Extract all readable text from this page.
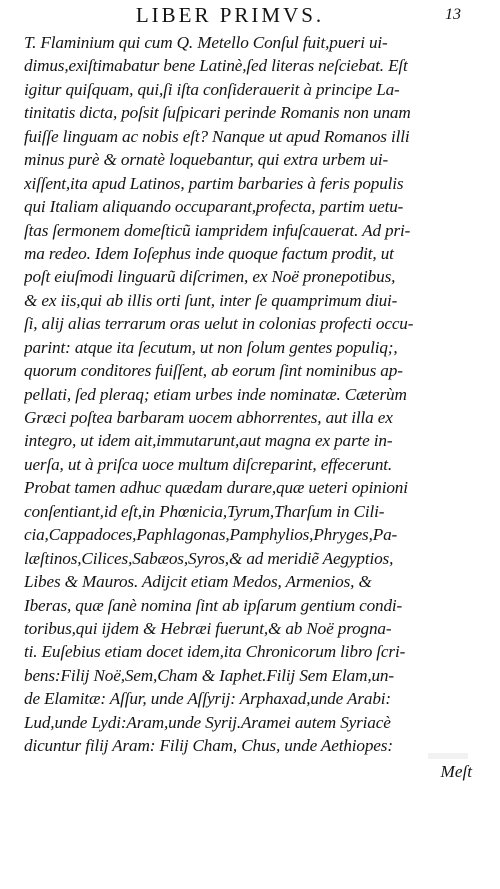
LIBER PRIMVS.	13
T. Flaminium qui cum Q. Metello Conſul fuit,pueri ui-
dimus,exiſtimabatur bene Latinè,ſed literas neſciebat. Eſt
igitur quiſquam, qui,ſi iſta conſiderauerit à principe La-
tinitatis dicta, poſsit ſuſpicari perinde Romanis non unam
fuiſſe linguam ac nobis eſt? Nanque ut apud Romanos illi
minus purè & ornatè loquebantur, qui extra urbem ui-
xiſſent,ita apud Latinos, partim barbaries à feris populis
qui Italiam aliquando occuparant,profecta, partim uetu-
ſtas ſermonem domeſticũ iampridem infuſcauerat. Ad pri-
ma redeo. Idem Ioſephus inde quoque factum prodit, ut
poſt eiuſmodi linguarũ diſcrimen, ex Noë pronepotibus,
& ex iis,qui ab illis orti ſunt, inter ſe quamprimum diui-
ſi, alij alias terrarum oras uelut in colonias profecti occu-
parint: atque ita ſecutum, ut non ſolum gentes populiq;,
quorum conditores fuiſſent, ab eorum ſint nominibus ap-
pellati, ſed pleraq; etiam urbes inde nominatæ. Cæterùm
Græci poſtea barbaram uocem abhorrentes, aut illa ex
integro, ut idem ait,immutarunt,aut magna ex parte in-
uerſa, ut à priſca uoce multum diſcreparint, effecerunt.
Probat tamen adhuc quædam durare,quæ ueteri opinioni
conſentiant,id eſt,in Phœnicia,Tyrum,Tharſum in Cili-
cia,Cappadoces,Paphlagonas,Pamphylios,Phryges,Pa-
læſtinos,Cilices,Sabæos,Syros,& ad meridiẽ Aegyptios,
Libes & Mauros. Adijcit etiam Medos, Armenios, &
Iberas, quæ ſanè nomina ſint ab ipſarum gentium condi-
toribus,qui ijdem & Hebræi fuerunt,& ab Noë progna-
ti. Euſebius etiam docet idem,ita Chronicorum libro ſcri-
bens:Filij Noë,Sem,Cham & Iaphet.Filij Sem Elam,un-
de Elamitæ: Aſſur, unde Aſſyrij: Arphaxad,unde Arabi:
Lud,unde Lydi:Aram,unde Syrij.Aramei autem Syriacè
dicuntur filij Aram: Filij Cham, Chus, unde Aethiopes:
Meſt
